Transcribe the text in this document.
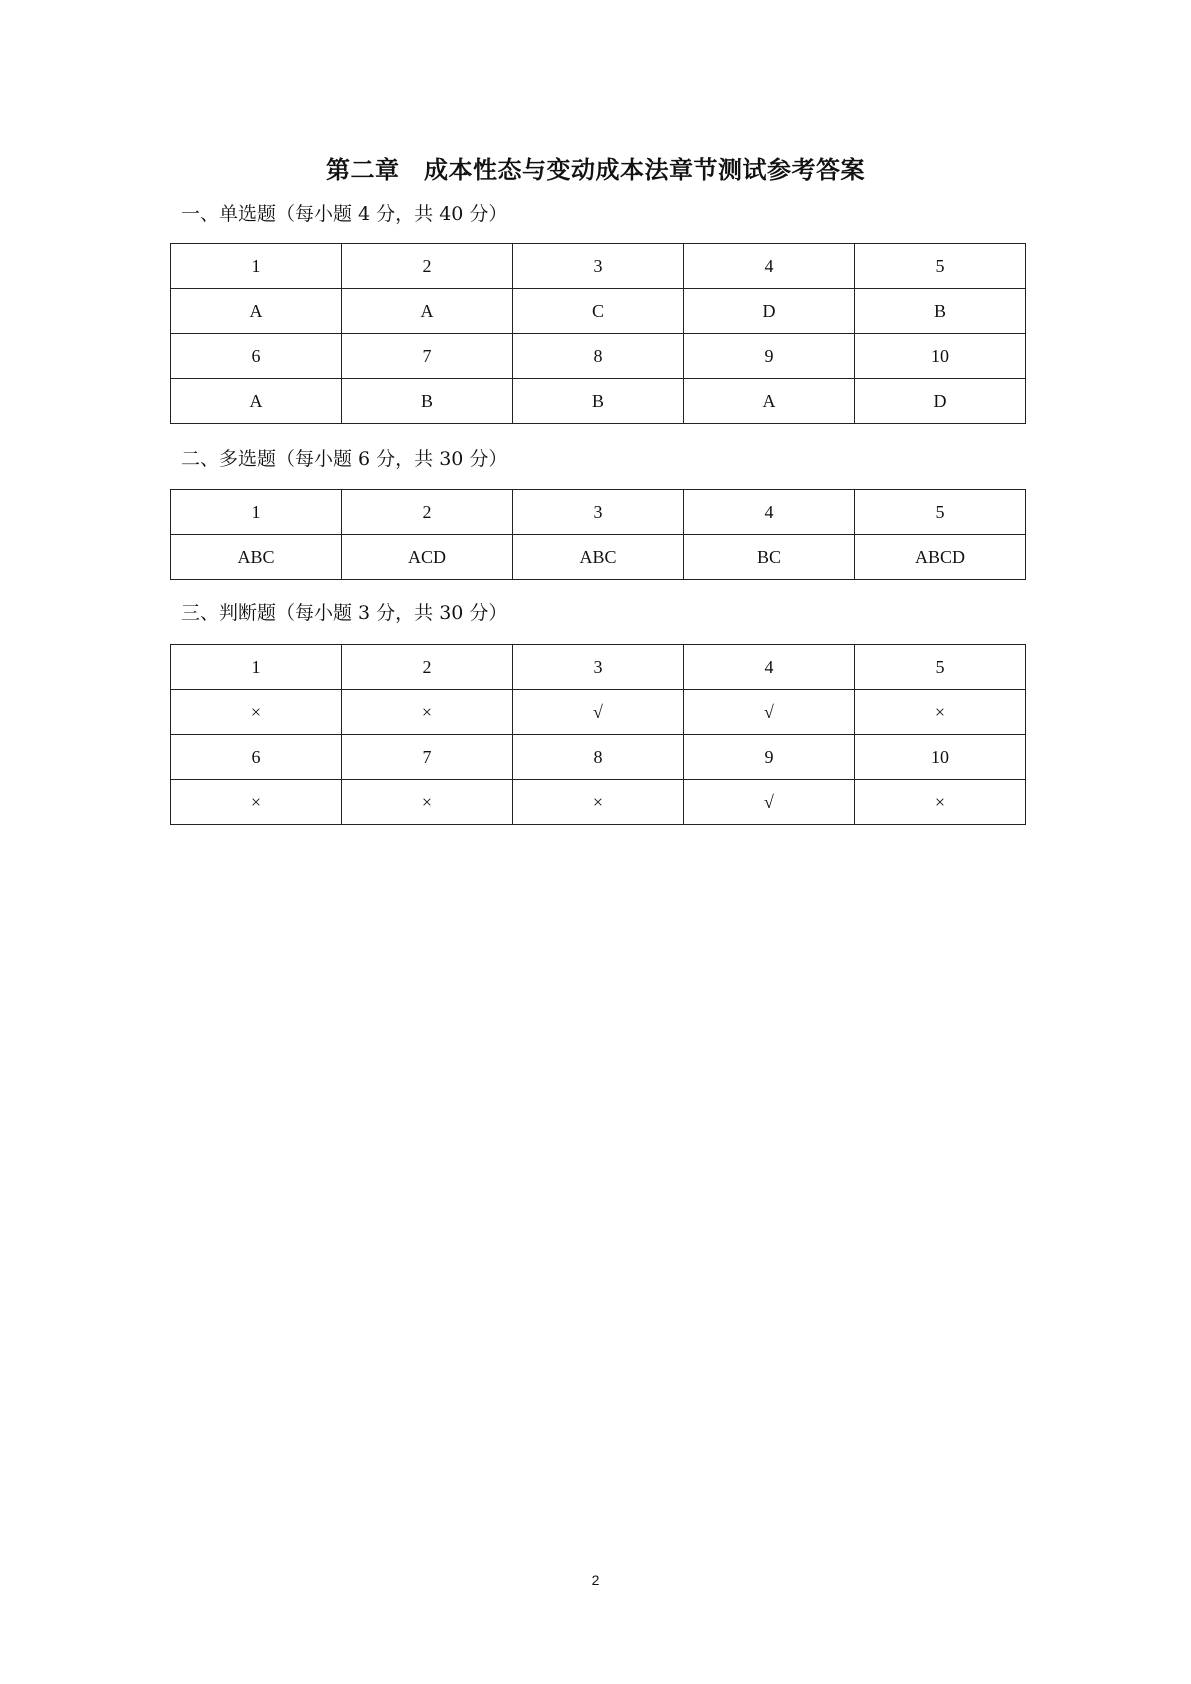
第二章　成本性态与变动成本法章节测试参考答案
一、单选题（每小题 4 分，共 40 分）
1	2	3	4	5
A	A	C	D	B
6	7	8	9	10
A	B	B	A	D
二、多选题（每小题 6 分，共 30 分）
1	2	3	4	5
ABC	ACD	ABC	BC	ABCD
三、判断题（每小题 3 分，共 30 分）
1	2	3	4	5
×	×	√	√	×
6	7	8	9	10
×	×	×	√	×
2
